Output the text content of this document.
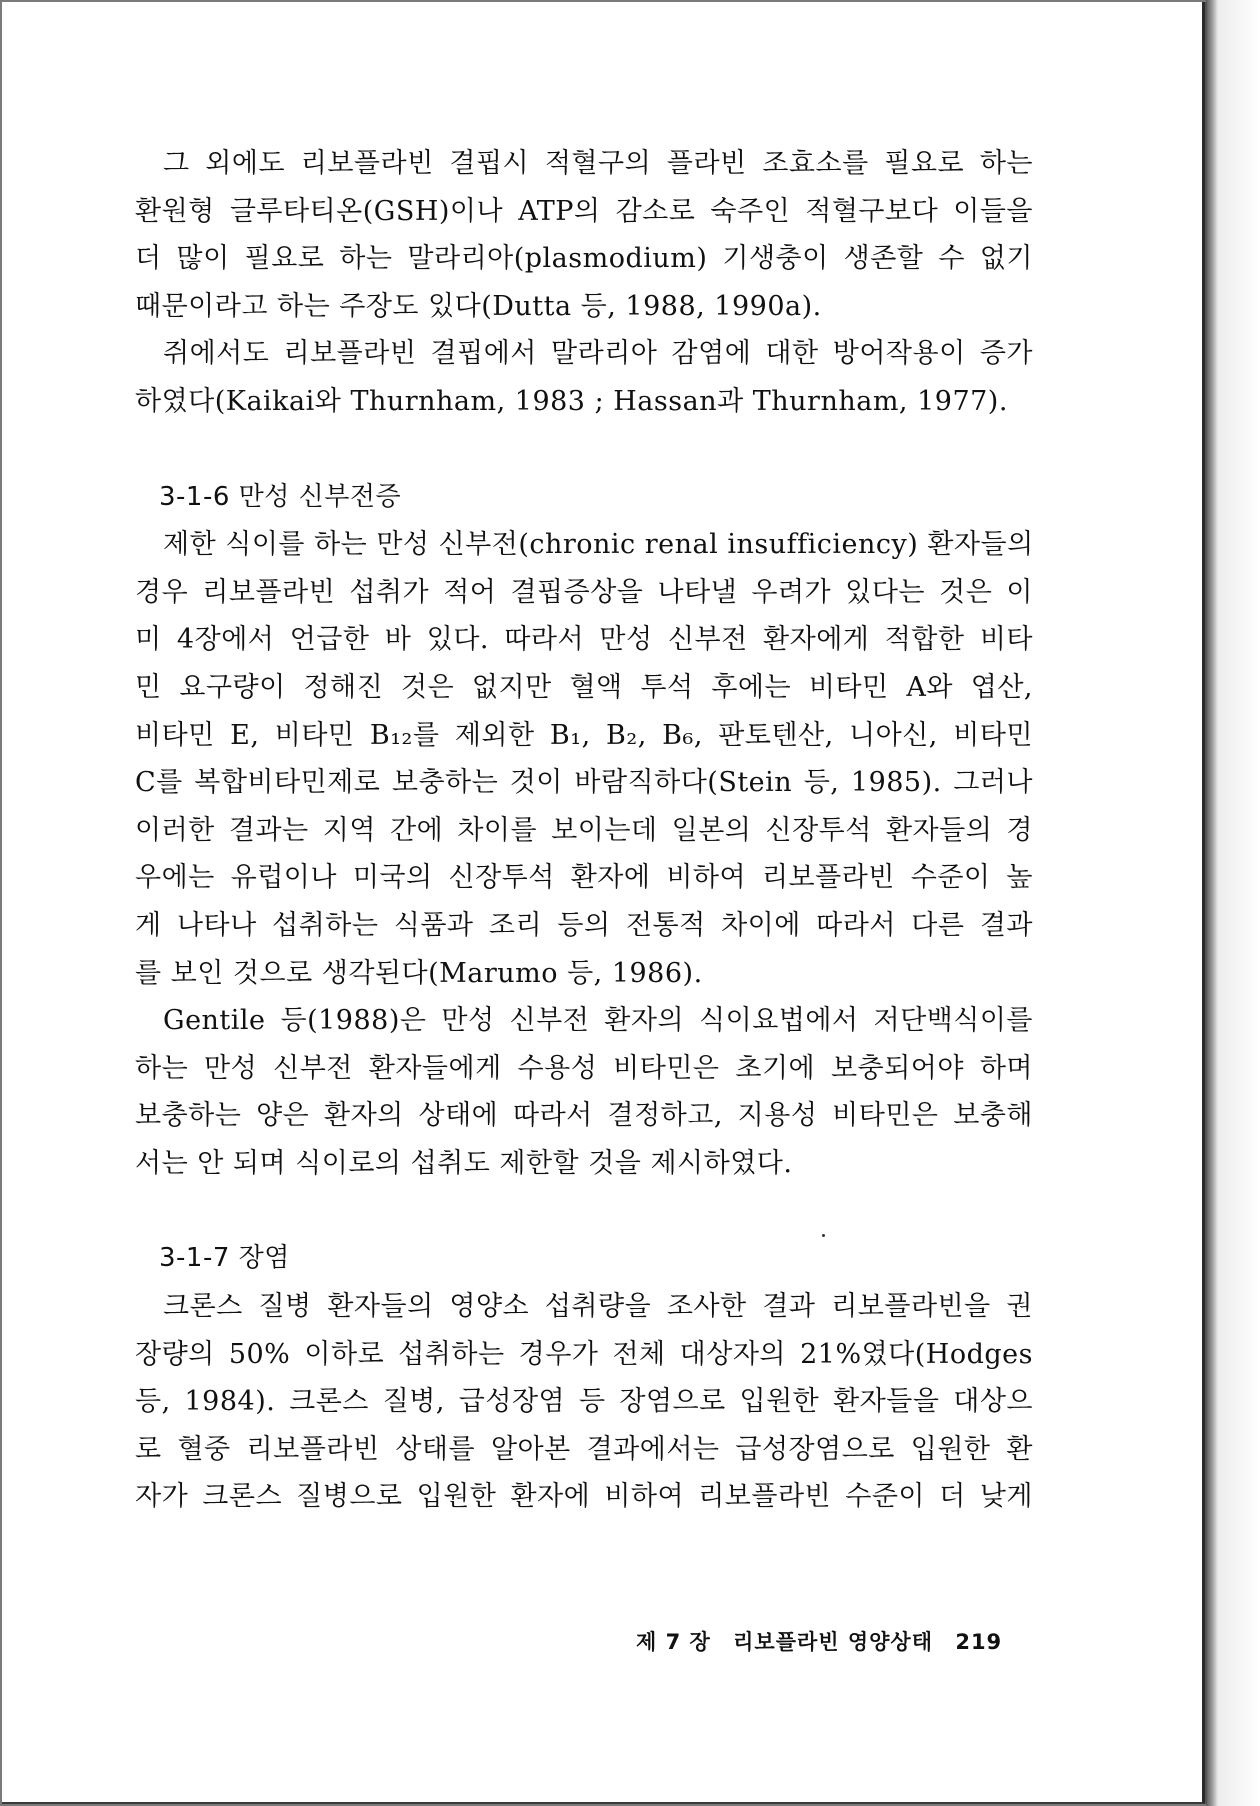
그 외에도 리보플라빈 결핍시 적혈구의 플라빈 조효소를 필요로 하는
환원형 글루타티온(GSH)이나 ATP의 감소로 숙주인 적혈구보다 이들을
더 많이 필요로 하는 말라리아(plasmodium) 기생충이 생존할 수 없기
때문이라고 하는 주장도 있다(Dutta 등, 1988, 1990a).
쥐에서도 리보플라빈 결핍에서 말라리아 감염에 대한 방어작용이 증가
하였다(Kaikai와 Thurnham, 1983 ; Hassan과 Thurnham, 1977).
3-1-6 만성 신부전증
제한 식이를 하는 만성 신부전(chronic renal insufficiency) 환자들의
경우 리보플라빈 섭취가 적어 결핍증상을 나타낼 우려가 있다는 것은 이
미 4장에서 언급한 바 있다. 따라서 만성 신부전 환자에게 적합한 비타
민 요구량이 정해진 것은 없지만 혈액 투석 후에는 비타민 A와 엽산,
비타민 E, 비타민 B₁₂를 제외한 B₁, B₂, B₆, 판토텐산, 니아신, 비타민
C를 복합비타민제로 보충하는 것이 바람직하다(Stein 등, 1985). 그러나
이러한 결과는 지역 간에 차이를 보이는데 일본의 신장투석 환자들의 경
우에는 유럽이나 미국의 신장투석 환자에 비하여 리보플라빈 수준이 높
게 나타나 섭취하는 식품과 조리 등의 전통적 차이에 따라서 다른 결과
를 보인 것으로 생각된다(Marumo 등, 1986).
Gentile 등(1988)은 만성 신부전 환자의 식이요법에서 저단백식이를
하는 만성 신부전 환자들에게 수용성 비타민은 초기에 보충되어야 하며
보충하는 양은 환자의 상태에 따라서 결정하고, 지용성 비타민은 보충해
서는 안 되며 식이로의 섭취도 제한할 것을 제시하였다.
3-1-7 장염
크론스 질병 환자들의 영양소 섭취량을 조사한 결과 리보플라빈을 권
장량의 50% 이하로 섭취하는 경우가 전체 대상자의 21%였다(Hodges
등, 1984). 크론스 질병, 급성장염 등 장염으로 입원한 환자들을 대상으
로 혈중 리보플라빈 상태를 알아본 결과에서는 급성장염으로 입원한 환
자가 크론스 질병으로 입원한 환자에 비하여 리보플라빈 수준이 더 낮게
제 7 장 리보플라빈 영양상태 219
